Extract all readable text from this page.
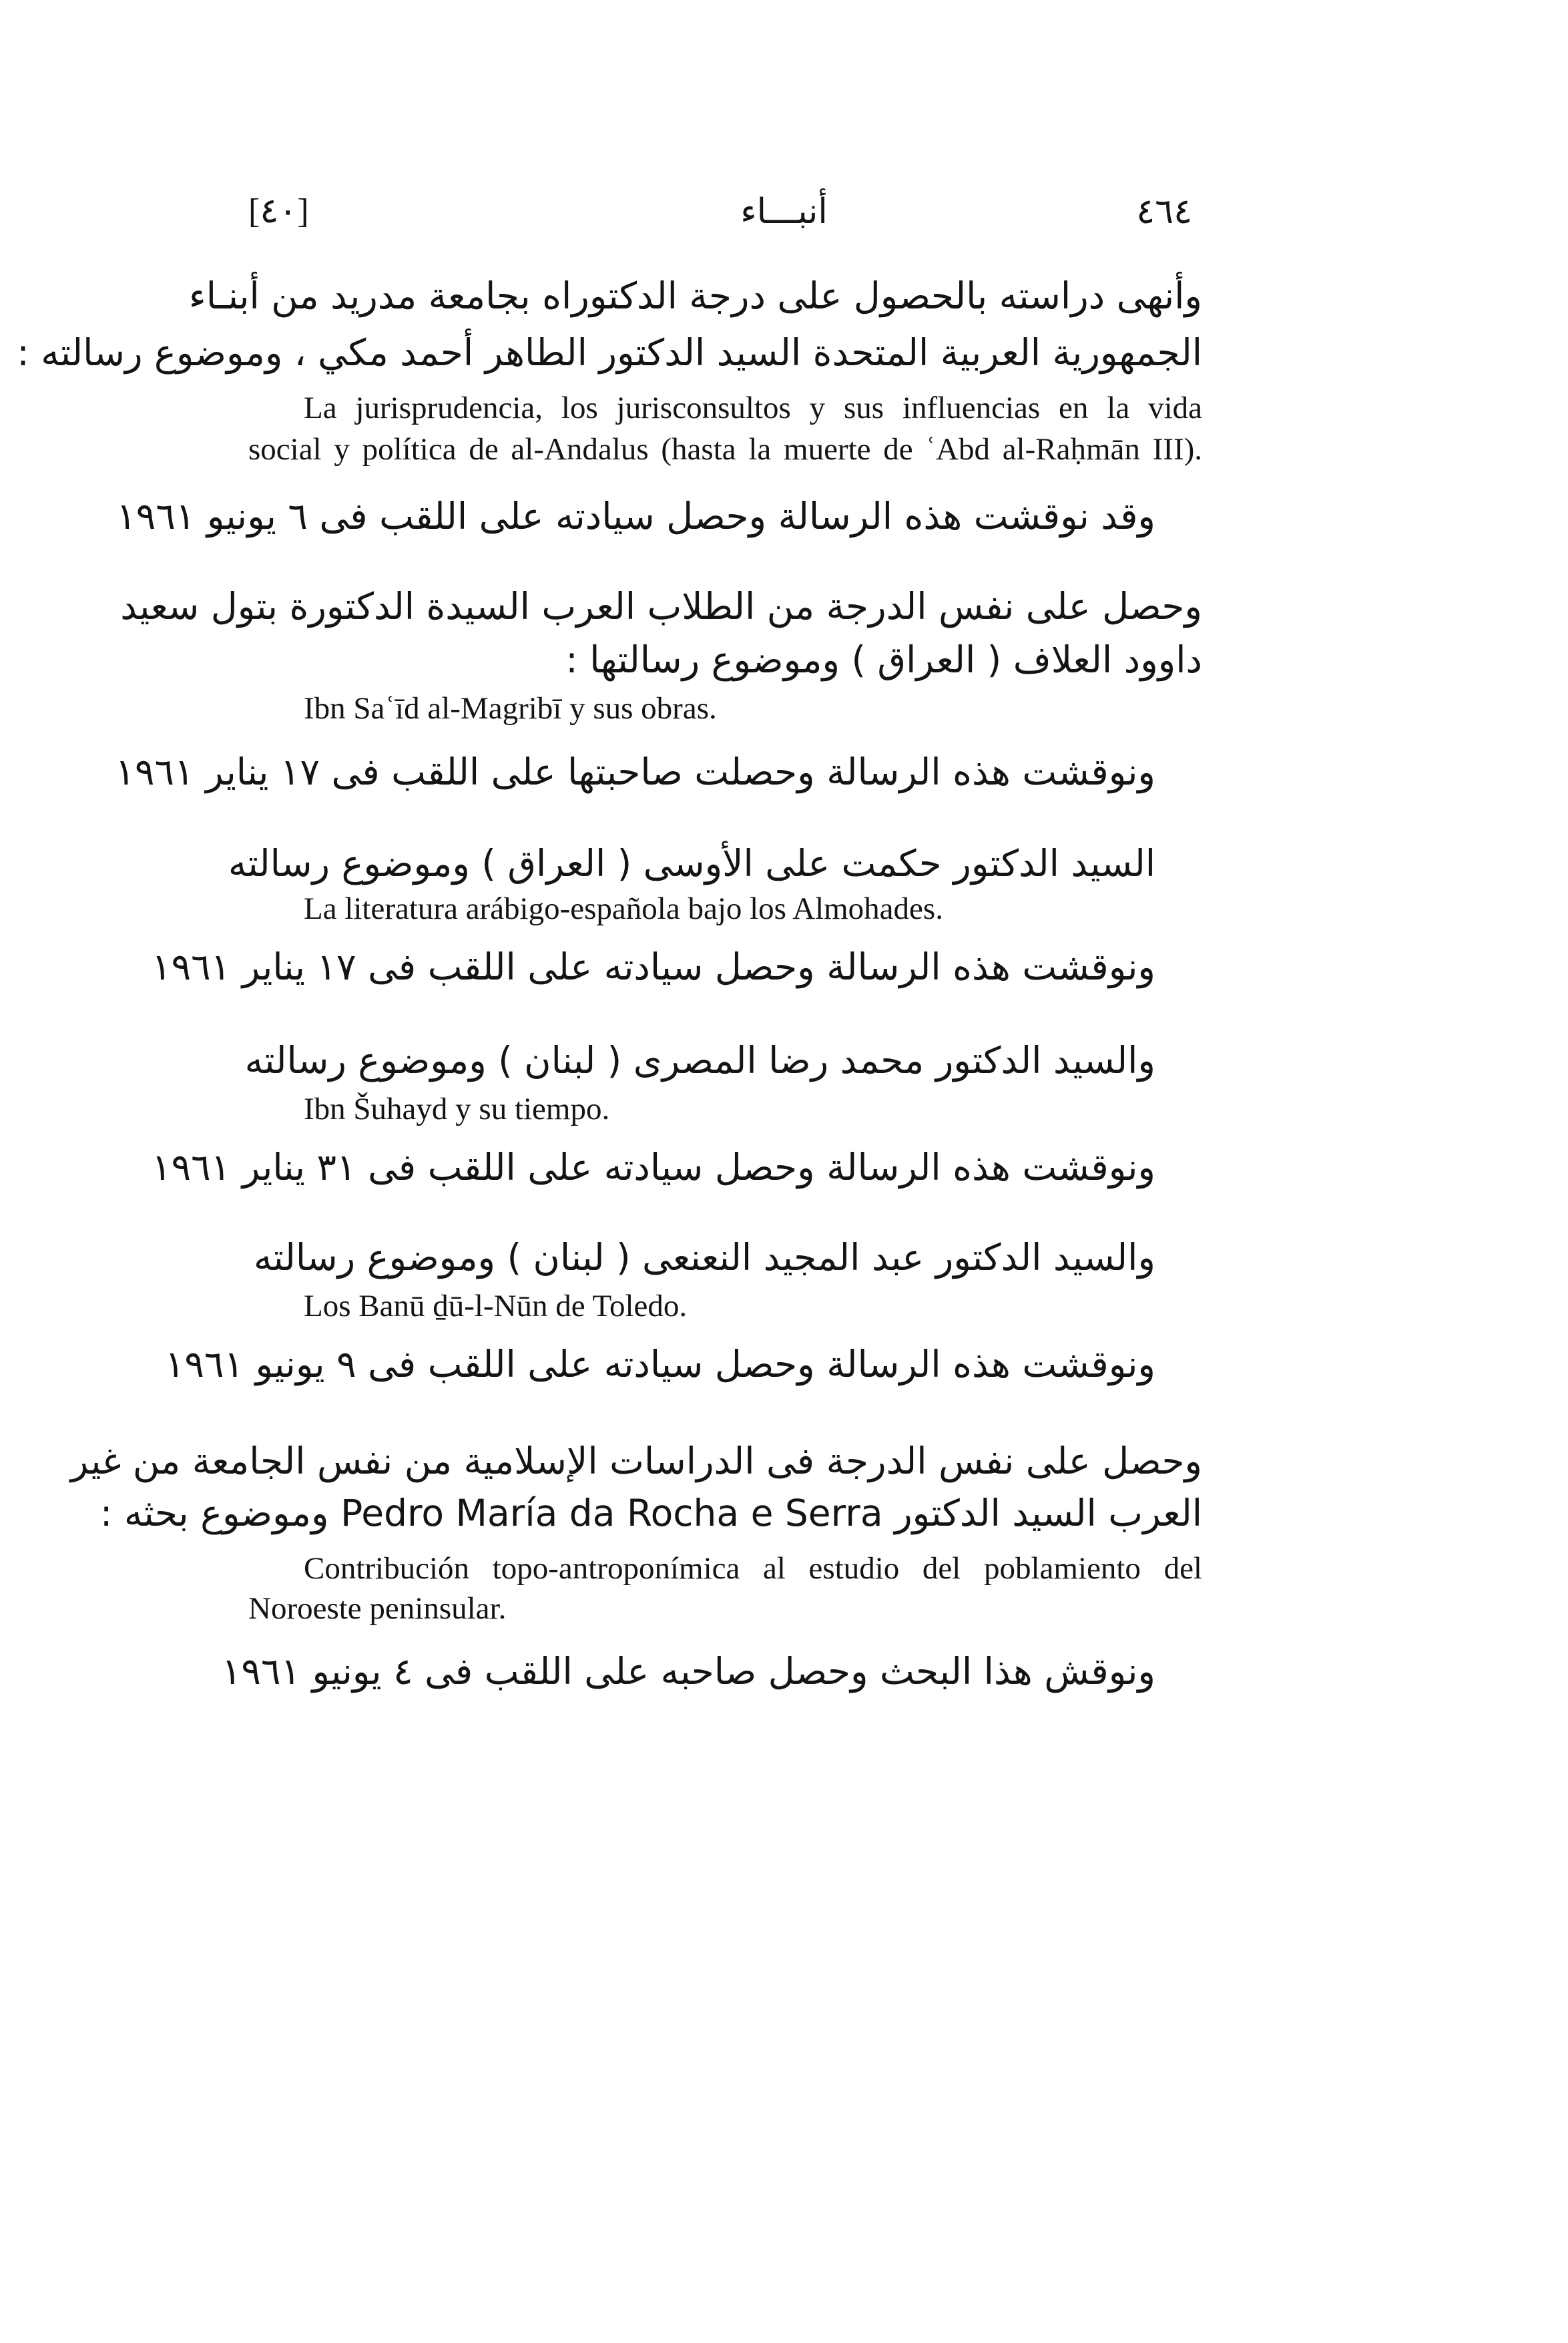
[٤٠]	أنبـــاء	٤٦٤
وأنهى دراسته بالحصول على درجة الدكتوراه بجامعة مدريد من أبنـاء
الجمهورية العربية المتحدة السيد الدكتور الطاهر أحمد مكي ، وموضوع رسالته :
La jurisprudencia, los jurisconsultos y sus influencias en la vida
social y política de al-Andalus (hasta la muerte de ʿAbd al-Raḥmān III).
وقد نوقشت هذه الرسالة وحصل سيادته على اللقب فى ٦ يونيو ١٩٦١
وحصل على نفس الدرجة من الطلاب العرب السيدة الدكتورة بتول سعيد
داوود العلاف ( العراق ) وموضوع رسالتها :
Ibn Saʿīd al-Magribī y sus obras.
ونوقشت هذه الرسالة وحصلت صاحبتها على اللقب فى ١٧ يناير ١٩٦١
السيد الدكتور حكمت على الأوسى ( العراق ) وموضوع رسالته
La literatura arábigo-española bajo los Almohades.
ونوقشت هذه الرسالة وحصل سيادته على اللقب فى ١٧ يناير ١٩٦١
والسيد الدكتور محمد رضا المصرى ( لبنان ) وموضوع رسالته
Ibn Šuhayd y su tiempo.
ونوقشت هذه الرسالة وحصل سيادته على اللقب فى ٣١ يناير ١٩٦١
والسيد الدكتور عبد المجيد النعنعى ( لبنان ) وموضوع رسالته
Los Banū ḏū-l-Nūn de Toledo.
ونوقشت هذه الرسالة وحصل سيادته على اللقب فى ٩ يونيو ١٩٦١
وحصل على نفس الدرجة فى الدراسات الإسلامية من نفس الجامعة من غير
العرب السيد الدكتور Pedro María da Rocha e Serra وموضوع بحثه :
Contribución topo-antroponímica al estudio del poblamiento del
Noroeste peninsular.
ونوقش هذا البحث وحصل صاحبه على اللقب فى ٤ يونيو ١٩٦١
